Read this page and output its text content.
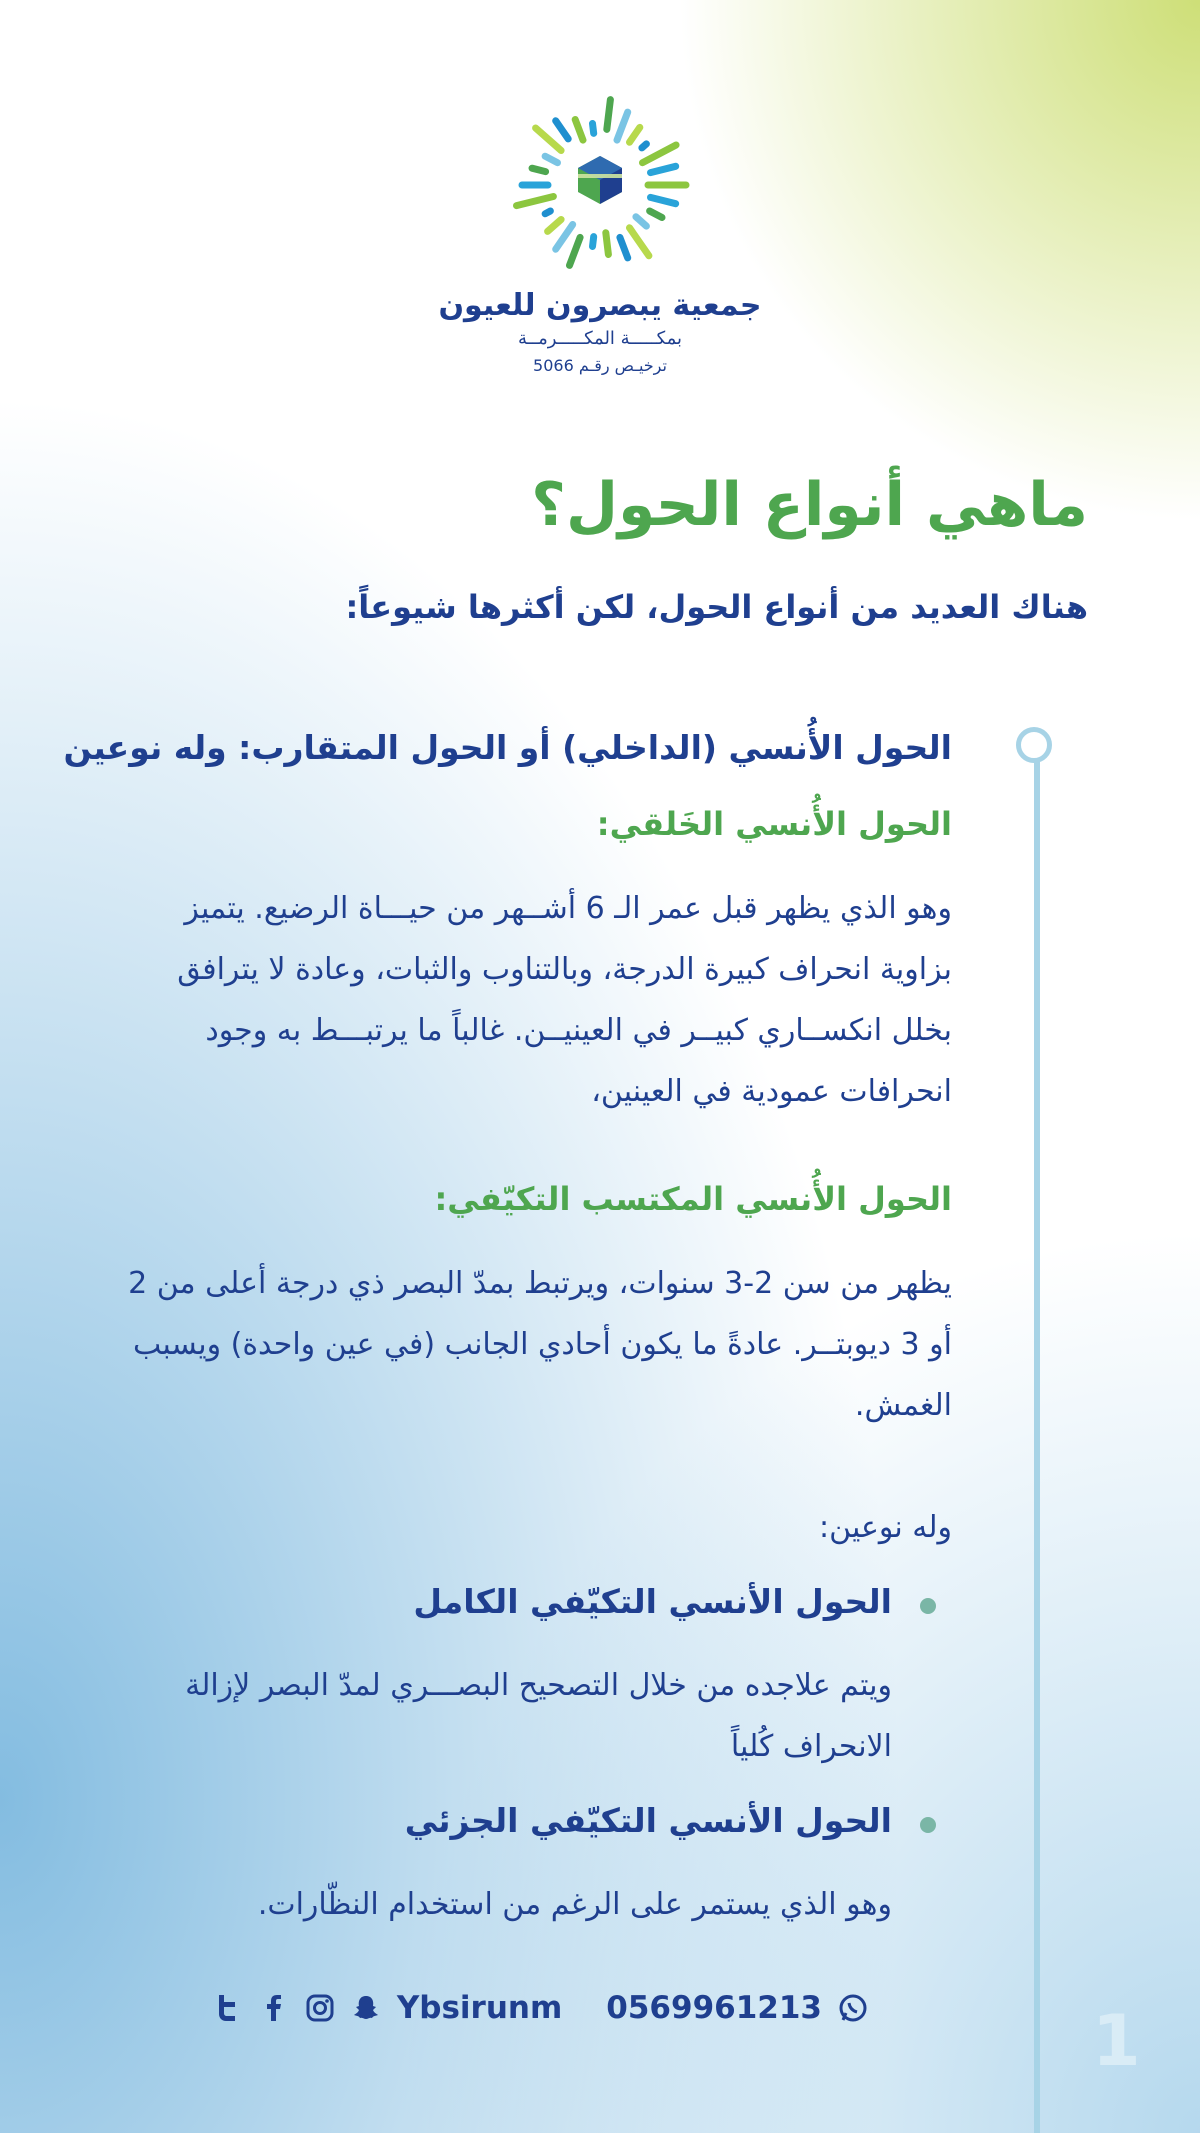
جمعية يبصرون للعيون
بمكـــــة المكـــــرمــة
ترخيـص رقـم 5066
ماهي أنواع الحول؟
هناك العديد من أنواع الحول، لكن أكثرها شيوعاً:
الحول الأُنسي (الداخلي) أو الحول المتقارب: وله نوعين
الحول الأُنسي الخَلقي:
وهو الذي يظهر قبل عمر الـ 6 أشــهر من حيـــاة الرضيع. يتميز بزاوية انحراف كبيرة الدرجة، وبالتناوب والثبات، وعادة لا يترافق بخلل انكســاري كبيــر في العينيــن. غالباً ما يرتبـــط به وجود انحرافات عمودية في العينين،
الحول الأُنسي المكتسب التكيّفي:
يظهر من سن 2-3 سنوات، ويرتبط بمدّ البصر ذي درجة أعلى من 2 أو 3 ديوبتــر. عادةً ما يكون أحادي الجانب (في عين واحدة) ويسبب الغمش.
وله نوعين:
الحول الأنسي التكيّفي الكامل
ويتم علاجده من خلال التصحيح البصـــري لمدّ البصر لإزالة الانحراف كُلياً
الحول الأنسي التكيّفي الجزئي
وهو الذي يستمر على الرغم من استخدام النظّارات.
0569961213
Ybsirunm	1
